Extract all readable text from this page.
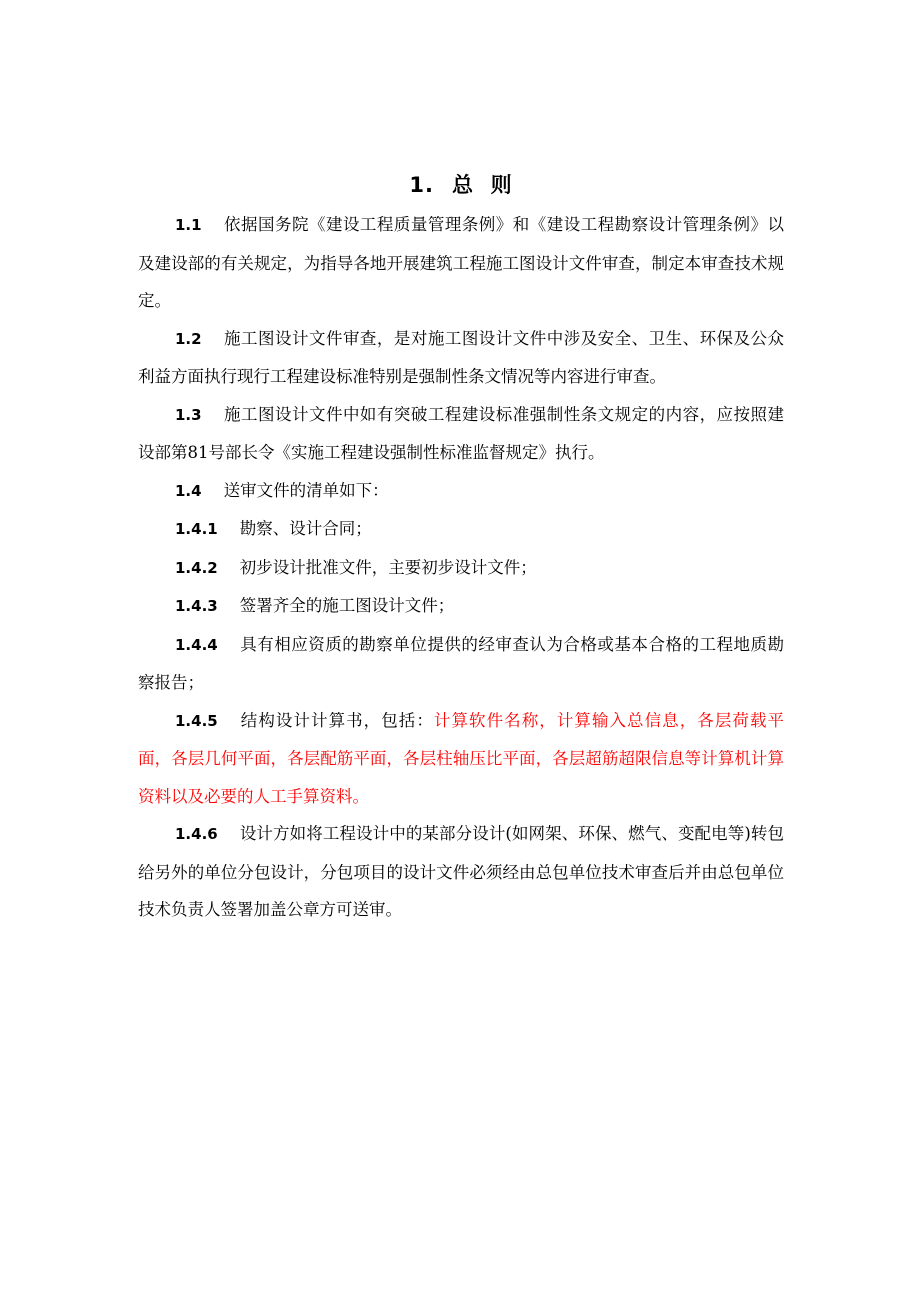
1. 总  则

1.1 依据国务院《建设工程质量管理条例》和《建设工程勘察设计管理条例》以及建设部的有关规定，为指导各地开展建筑工程施工图设计文件审查，制定本审查技术规定。

1.2 施工图设计文件审查，是对施工图设计文件中涉及安全、卫生、环保及公众利益方面执行现行工程建设标准特别是强制性条文情况等内容进行审查。

1.3 施工图设计文件中如有突破工程建设标准强制性条文规定的内容，应按照建设部第81号部长令《实施工程建设强制性标准监督规定》执行。

1.4 送审文件的清单如下：

1.4.1 勘察、设计合同；

1.4.2 初步设计批准文件，主要初步设计文件；

1.4.3 签署齐全的施工图设计文件；

1.4.4 具有相应资质的勘察单位提供的经审查认为合格或基本合格的工程地质勘察报告；

1.4.5 结构设计计算书，包括：计算软件名称，计算输入总信息，各层荷载平面，各层几何平面，各层配筋平面，各层柱轴压比平面，各层超筋超限信息等计算机计算资料以及必要的人工手算资料。

1.4.6 设计方如将工程设计中的某部分设计(如网架、环保、燃气、变配电等)转包给另外的单位分包设计，分包项目的设计文件必须经由总包单位技术审查后并由总包单位技术负责人签署加盖公章方可送审。
